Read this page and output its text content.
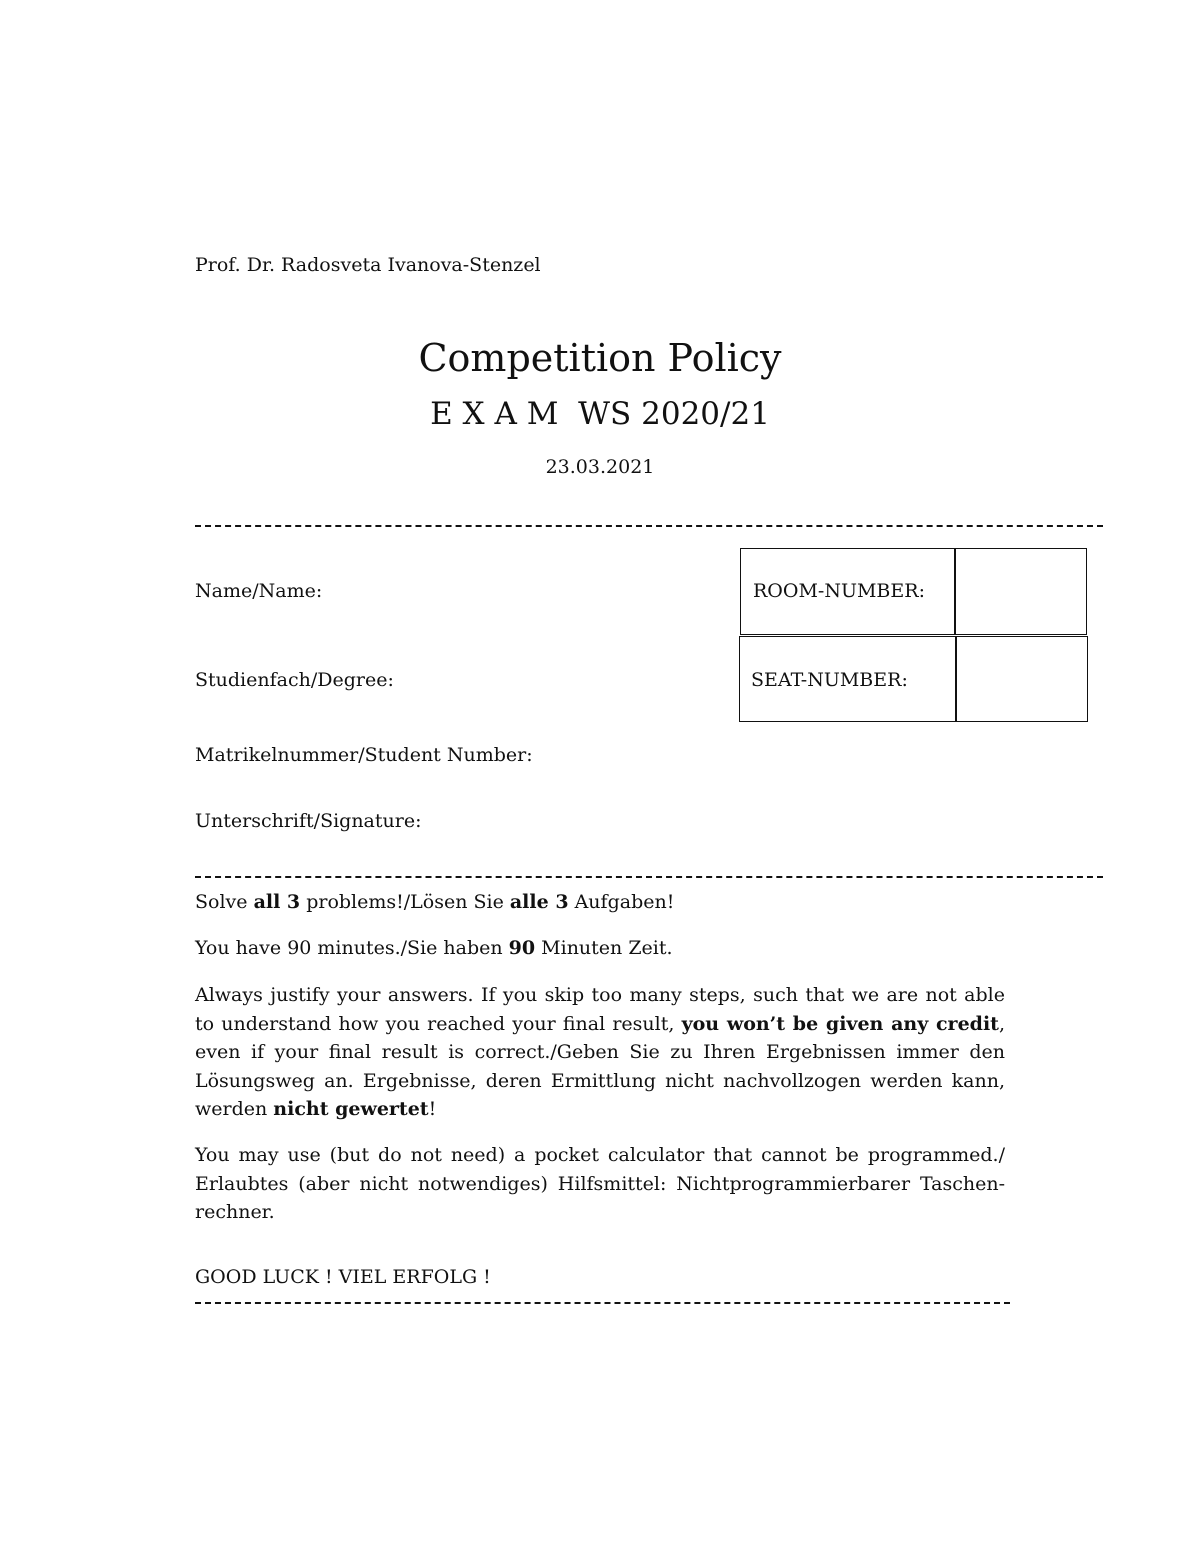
Prof. Dr. Radosveta Ivanova-Stenzel
Competition Policy
E X A M  WS 2020/21
23.03.2021
Name/Name:
Studienfach/Degree:
Matrikelnummer/Student Number:
Unterschrift/Signature:
ROOM-NUMBER:
SEAT-NUMBER:
Solve all 3 problems!/Lösen Sie alle 3 Aufgaben!
You have 90 minutes./Sie haben 90 Minuten Zeit.
Always justify your answers. If you skip too many steps, such that we are not able to understand how you reached your final result, you won’t be given any credit, even if your final result is correct./Geben Sie zu Ihren Ergebnissen immer den Lösungsweg an. Ergebnisse, deren Ermittlung nicht nachvollzogen werden kann, werden nicht gewertet!
You may use (but do not need) a pocket calculator that cannot be programmed./ Erlaubtes (aber nicht notwendiges) Hilfsmittel: Nichtprogrammierbarer Taschen-rechner.
GOOD LUCK ! VIEL ERFOLG !
